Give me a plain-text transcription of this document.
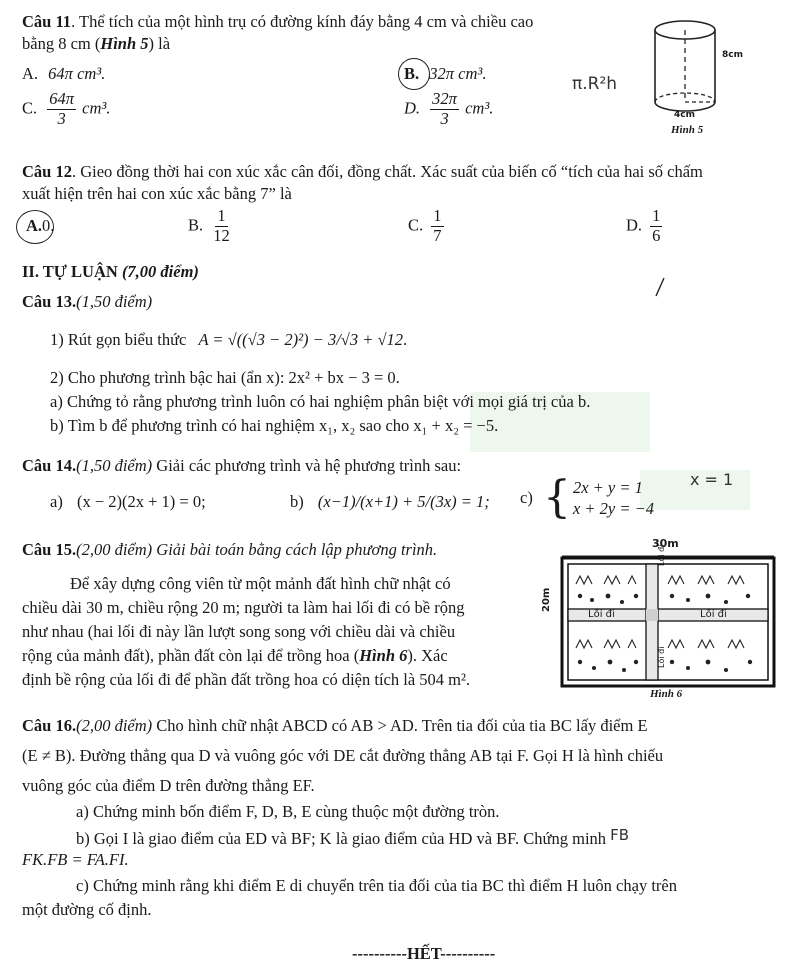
Câu 11. Thể tích của một hình trụ có đường kính đáy bằng 4 cm và chiều cao
bằng 8 cm (Hình 5) là
A. 64π cm³.	B. 32π cm³.
π.R²h
C. $\frac{64\pi}{3} cm^3$.	D. $\frac{32\pi}{3} cm^3$.
8cm
4cm
Hình 5
Câu 12. Gieo đồng thời hai con xúc xắc cân đối, đồng chất. Xác suất của biến cố “tích của hai số chấm
xuất hiện trên hai con xúc xắc bằng 7” là
A.0.	B. $\frac{1}{12}$	C. $\frac{1}{7}$	D. $\frac{1}{6}$
II. TỰ LUẬN (7,00 điểm)
Câu 13.(1,50 điểm)
1) Rút gọn biểu thức A = √((√3 − 2)²) − 3/√3 + √12.
2) Cho phương trình bậc hai (ẩn x): 2x² + bx − 3 = 0.
a) Chứng tỏ rằng phương trình luôn có hai nghiệm phân biệt với mọi giá trị của b.
b) Tìm b để phương trình có hai nghiệm x₁, x₂ sao cho x₁ + x₂ = −5.
Câu 14.(1,50 điểm) Giải các phương trình và hệ phương trình sau:
a) (x − 2)(2x + 1) = 0;	b) (x−1)/(x+1) + 5/(3x) = 1; c) { 2x + y = 1
x + 2y = −4
x = 1
Câu 15.(2,00 điểm) Giải bài toán bằng cách lập phương trình.
Để xây dựng công viên từ một mảnh đất hình chữ nhật có
chiều dài 30 m, chiều rộng 20 m; người ta làm hai lối đi có bề rộng
như nhau (hai lối đi này lần lượt song song với chiều dài và chiều
rộng của mảnh đất), phần đất còn lại để trồng hoa (Hình 6). Xác
định bề rộng của lối đi để phần đất trồng hoa có diện tích là 504 m².
30m
20m
Lối đi	Lối đi
Lối đi
Lối đi
Hình 6
Câu 16.(2,00 điểm) Cho hình chữ nhật ABCD có AB > AD. Trên tia đối của tia BC lấy điểm E
(E ≠ B). Đường thẳng qua D và vuông góc với DE cắt đường thẳng AB tại F. Gọi H là hình chiếu
vuông góc của điểm D trên đường thẳng EF.
a) Chứng minh bốn điểm F, D, B, E cùng thuộc một đường tròn.
b) Gọi I là giao điểm của ED và BF; K là giao điểm của HD và BF. Chứng minh FB
FK.FB = FA.FI.
c) Chứng minh rằng khi điểm E di chuyển trên tia đối của tia BC thì điểm H luôn chạy trên
một đường cố định.
----------HẾT----------
